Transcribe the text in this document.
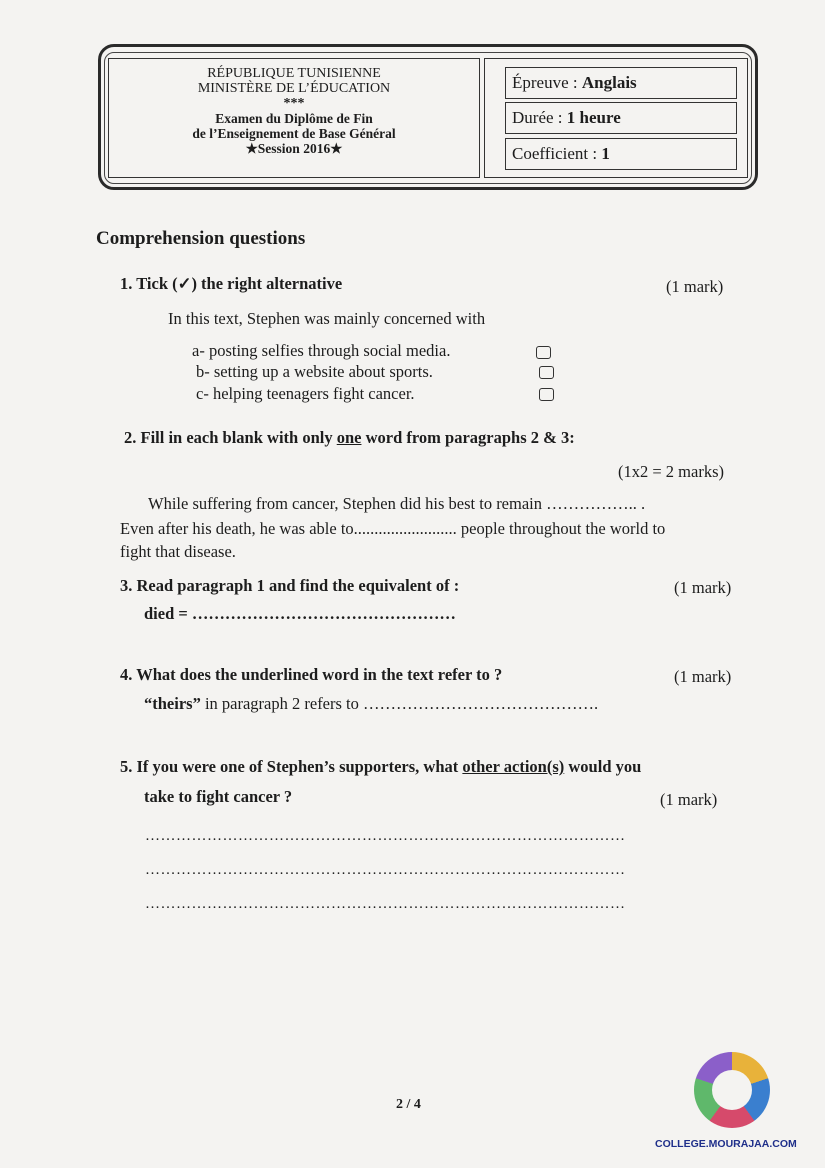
RÉPUBLIQUE TUNISIENNE
MINISTÈRE DE L’ÉDUCATION
***
Examen du Diplôme de Fin
de l’Enseignement de Base Général
★Session 2016★
Épreuve : Anglais
Durée : 1 heure
Coefficient : 1
Comprehension questions
1. Tick (✓) the right alternative	(1 mark)
In this text, Stephen was mainly concerned with
a- posting selfies through social media.
b- setting up a website about sports.
c- helping teenagers fight cancer.
2. Fill in each blank with only one word from paragraphs 2 & 3:
(1x2 = 2 marks)
While suffering from cancer, Stephen did his best to remain …………….. .
Even after his death, he was able to......................... people throughout the world to
fight that disease.
3. Read paragraph 1 and find the equivalent of :	(1 mark)
died = …………………………………………
4. What does the underlined word in the text refer to ?	(1 mark)
“theirs” in paragraph 2 refers to …………………………………….
5. If you were one of Stephen’s supporters, what other action(s) would you
take to fight cancer ?	(1 mark)
…………………………………………………………………………………
…………………………………………………………………………………
…………………………………………………………………………………
2 / 4
COLLEGE.MOURAJAA.COM
